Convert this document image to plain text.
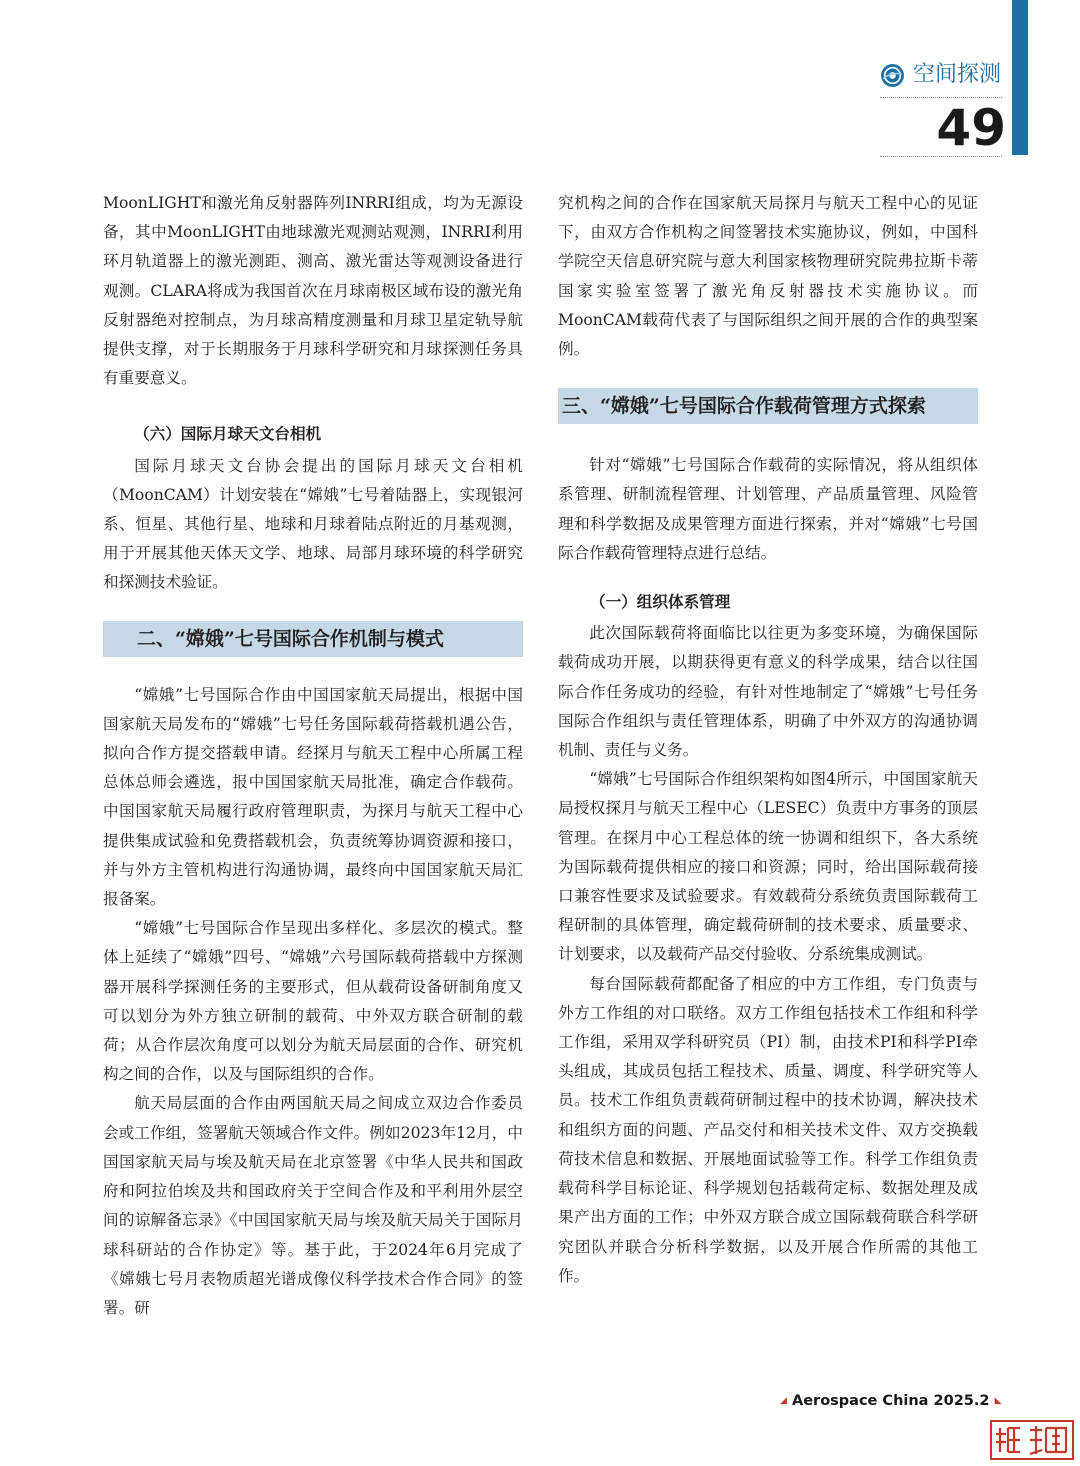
空间探测
49

MoonLIGHT和激光角反射器阵列INRRI组成，均为无源设备，其中MoonLIGHT由地球激光观测站观测，INRRI利用环月轨道器上的激光测距、测高、激光雷达等观测设备进行观测。CLARA将成为我国首次在月球南极区域布设的激光角反射器绝对控制点，为月球高精度测量和月球卫星定轨导航提供支撑，对于长期服务于月球科学研究和月球探测任务具有重要意义。

（六）国际月球天文台相机

国际月球天文台协会提出的国际月球天文台相机（MoonCAM）计划安装在“嫦娥”七号着陆器上，实现银河系、恒星、其他行星、地球和月球着陆点附近的月基观测，用于开展其他天体天文学、地球、局部月球环境的科学研究和探测技术验证。

二、“嫦娥”七号国际合作机制与模式

“嫦娥”七号国际合作由中国国家航天局提出，根据中国国家航天局发布的“嫦娥”七号任务国际载荷搭载机遇公告，拟向合作方提交搭载申请。经探月与航天工程中心所属工程总体总师会遴选，报中国国家航天局批准，确定合作载荷。中国国家航天局履行政府管理职责，为探月与航天工程中心提供集成试验和免费搭载机会，负责统筹协调资源和接口，并与外方主管机构进行沟通协调，最终向中国国家航天局汇报备案。

“嫦娥”七号国际合作呈现出多样化、多层次的模式。整体上延续了“嫦娥”四号、“嫦娥”六号国际载荷搭载中方探测器开展科学探测任务的主要形式，但从载荷设备研制角度又可以划分为外方独立研制的载荷、中外双方联合研制的载荷；从合作层次角度可以划分为航天局层面的合作、研究机构之间的合作，以及与国际组织的合作。

航天局层面的合作由两国航天局之间成立双边合作委员会或工作组，签署航天领域合作文件。例如2023年12月，中国国家航天局与埃及航天局在北京签署《中华人民共和国政府和阿拉伯埃及共和国政府关于空间合作及和平利用外层空间的谅解备忘录》《中国国家航天局与埃及航天局关于国际月球科研站的合作协定》等。基于此，于2024年6月完成了《嫦娥七号月表物质超光谱成像仪科学技术合作合同》的签署。研

究机构之间的合作在国家航天局探月与航天工程中心的见证下，由双方合作机构之间签署技术实施协议，例如，中国科学院空天信息研究院与意大利国家核物理研究院弗拉斯卡蒂国家实验室签署了激光角反射器技术实施协议。而MoonCAM载荷代表了与国际组织之间开展的合作的典型案例。

三、“嫦娥”七号国际合作载荷管理方式探索

针对“嫦娥”七号国际合作载荷的实际情况，将从组织体系管理、研制流程管理、计划管理、产品质量管理、风险管理和科学数据及成果管理方面进行探索，并对“嫦娥”七号国际合作载荷管理特点进行总结。

（一）组织体系管理

此次国际载荷将面临比以往更为多变环境，为确保国际载荷成功开展，以期获得更有意义的科学成果，结合以往国际合作任务成功的经验，有针对性地制定了“嫦娥”七号任务国际合作组织与责任管理体系，明确了中外双方的沟通协调机制、责任与义务。

“嫦娥”七号国际合作组织架构如图4所示，中国国家航天局授权探月与航天工程中心（LESEC）负责中方事务的顶层管理。在探月中心工程总体的统一协调和组织下，各大系统为国际载荷提供相应的接口和资源；同时，给出国际载荷接口兼容性要求及试验要求。有效载荷分系统负责国际载荷工程研制的具体管理，确定载荷研制的技术要求、质量要求、计划要求，以及载荷产品交付验收、分系统集成测试。

每台国际载荷都配备了相应的中方工作组，专门负责与外方工作组的对口联络。双方工作组包括技术工作组和科学工作组，采用双学科研究员（PI）制，由技术PI和科学PI牵头组成，其成员包括工程技术、质量、调度、科学研究等人员。技术工作组负责载荷研制过程中的技术协调，解决技术和组织方面的问题、产品交付和相关技术文件、双方交换载荷技术信息和数据、开展地面试验等工作。科学工作组负责载荷科学目标论证、科学规划包括载荷定标、数据处理及成果产出方面的工作；中外双方联合成立国际载荷联合科学研究团队并联合分析科学数据，以及开展合作所需的其他工作。

◢ Aerospace China 2025.2 ◣
